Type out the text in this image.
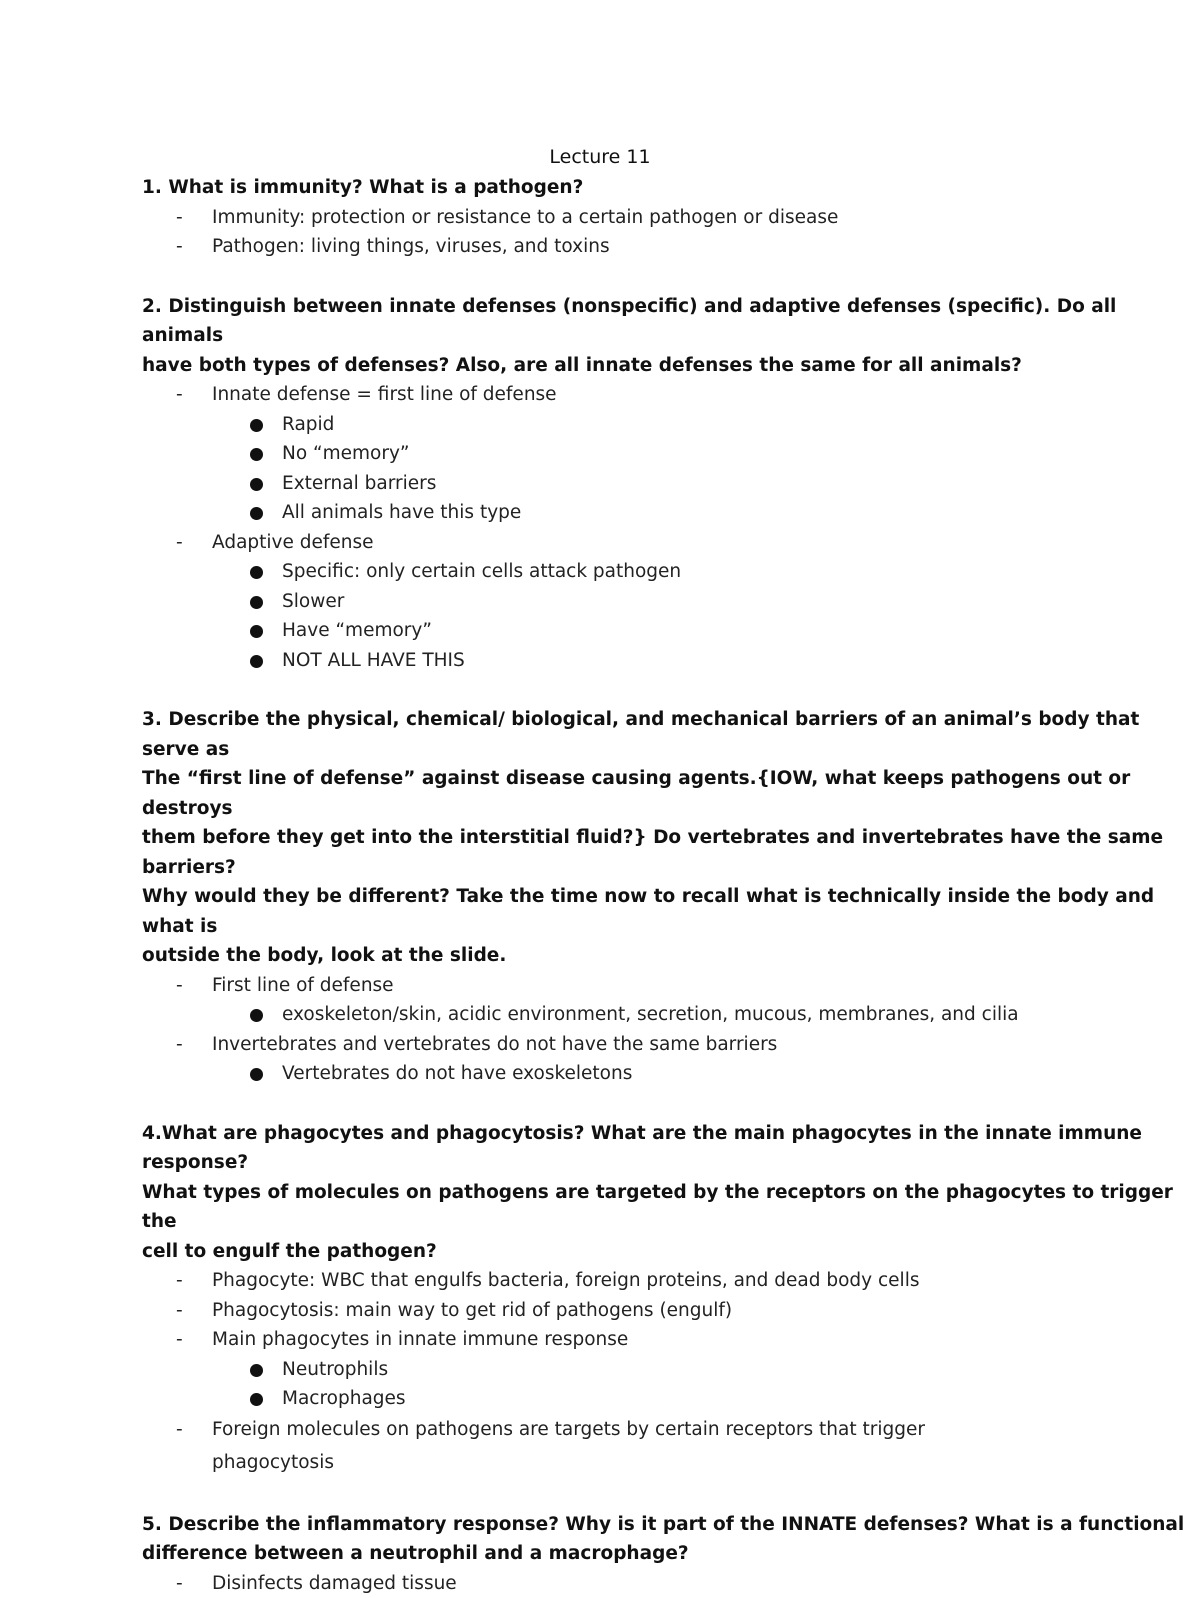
Lecture 11

1. What is immunity? What is a pathogen?

- Immunity: protection or resistance to a certain pathogen or disease

- Pathogen: living things, viruses, and toxins

2. Distinguish between innate defenses (nonspecific) and adaptive defenses (specific). Do all animals
have both types of defenses? Also, are all innate defenses the same for all animals?

- Innate defense = first line of defense

Rapid

No “memory”

External barriers

All animals have this type

- Adaptive defense

Specific: only certain cells attack pathogen

Slower

Have “memory”

NOT ALL HAVE THIS

3. Describe the physical, chemical/ biological, and mechanical barriers of an animal’s body that serve as
The “first line of defense” against disease causing agents.{IOW, what keeps pathogens out or destroys
them before they get into the interstitial fluid?} Do vertebrates and invertebrates have the same barriers?
Why would they be different? Take the time now to recall what is technically inside the body and what is
outside the body, look at the slide.

- First line of defense

exoskeleton/skin, acidic environment, secretion, mucous, membranes, and cilia

- Invertebrates and vertebrates do not have the same barriers

Vertebrates do not have exoskeletons

4.What are phagocytes and phagocytosis? What are the main phagocytes in the innate immune response?
What types of molecules on pathogens are targeted by the receptors on the phagocytes to trigger the
cell to engulf the pathogen?

- Phagocyte: WBC that engulfs bacteria, foreign proteins, and dead body cells

- Phagocytosis: main way to get rid of pathogens (engulf)

- Main phagocytes in innate immune response

Neutrophils

Macrophages

- Foreign molecules on pathogens are targets by certain receptors that trigger

phagocytosis

5. Describe the inflammatory response? Why is it part of the INNATE defenses? What is a functional
difference between a neutrophil and a macrophage?

- Disinfects damaged tissue
